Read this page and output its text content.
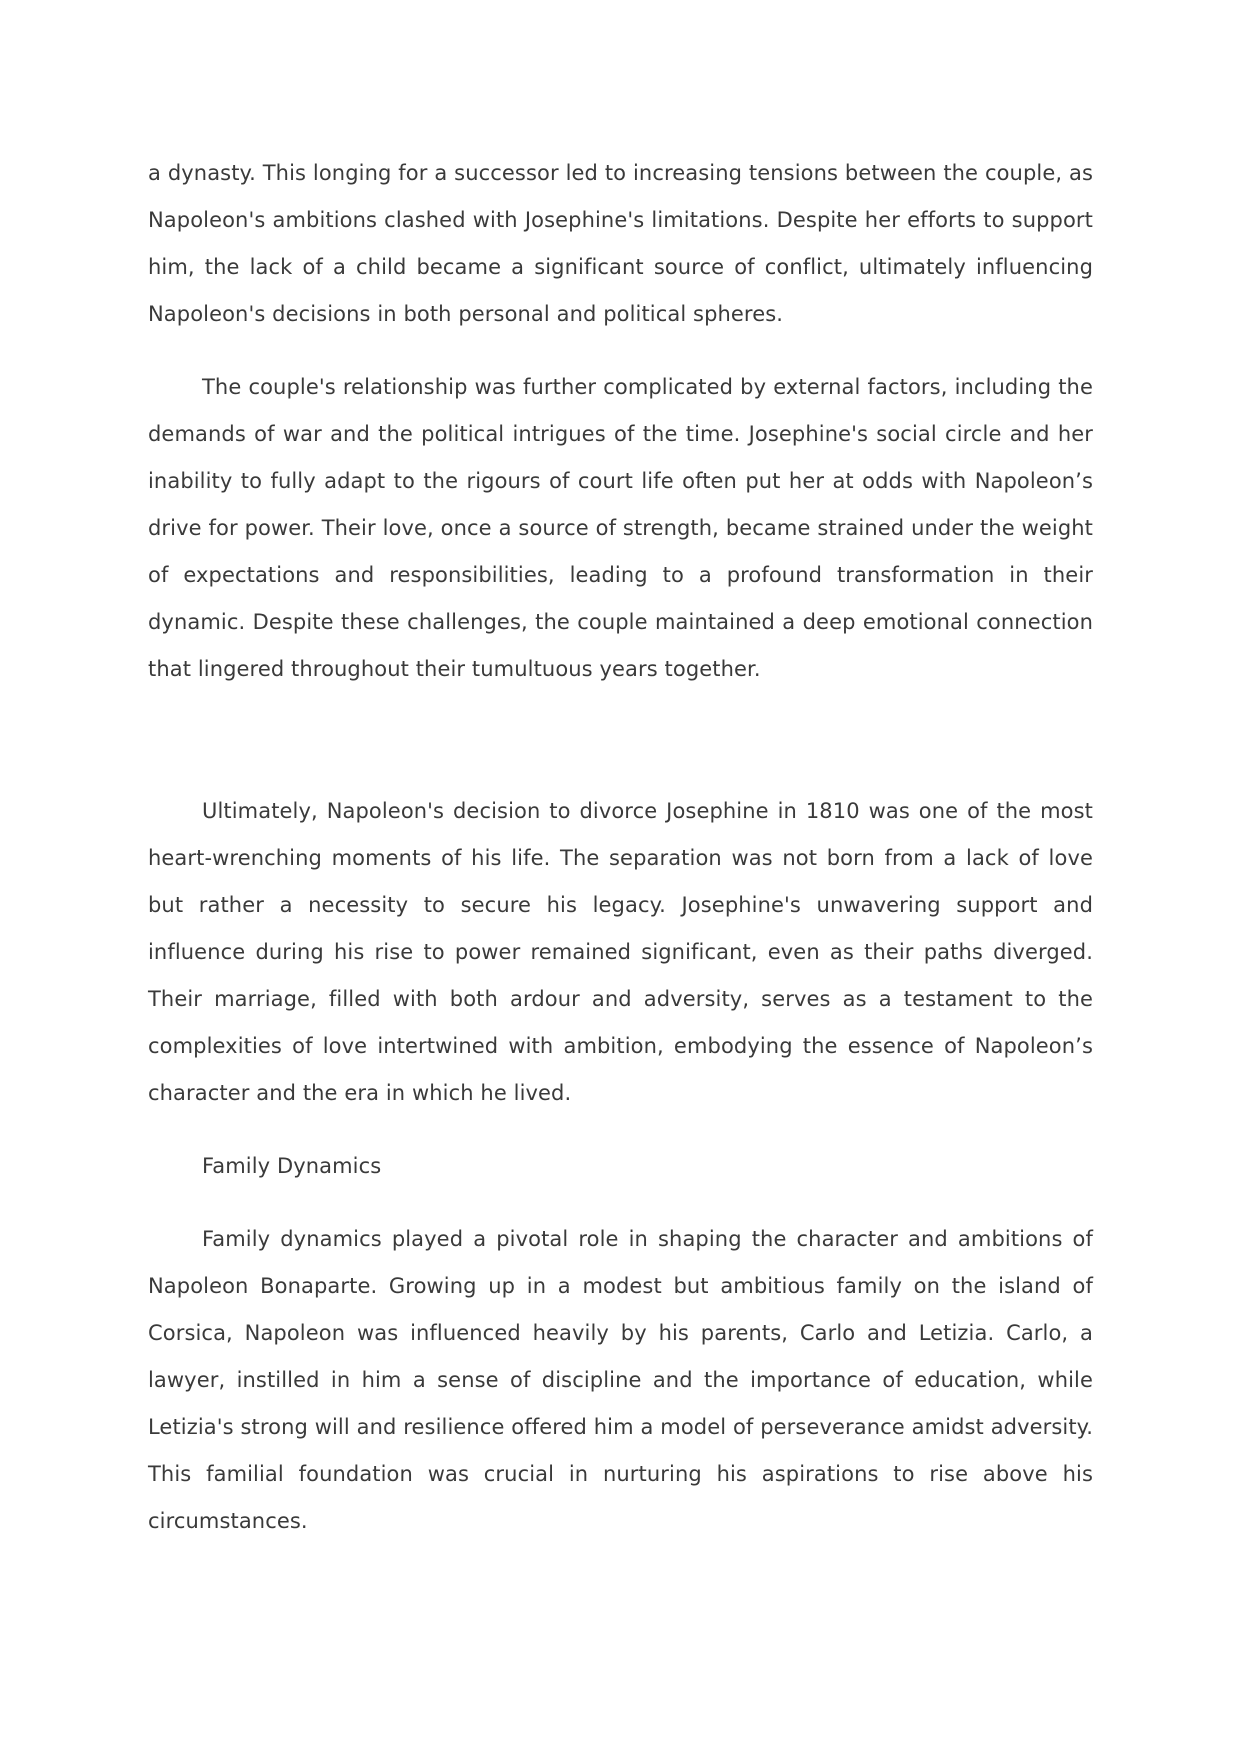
a dynasty. This longing for a successor led to increasing tensions between the couple, as Napoleon's ambitions clashed with Josephine's limitations. Despite her efforts to support him, the lack of a child became a significant source of conflict, ultimately influencing Napoleon's decisions in both personal and political spheres.

The couple's relationship was further complicated by external factors, including the demands of war and the political intrigues of the time. Josephine's social circle and her inability to fully adapt to the rigours of court life often put her at odds with Napoleon’s drive for power. Their love, once a source of strength, became strained under the weight of expectations and responsibilities, leading to a profound transformation in their dynamic. Despite these challenges, the couple maintained a deep emotional connection that lingered throughout their tumultuous years together.

Ultimately, Napoleon's decision to divorce Josephine in 1810 was one of the most heart-wrenching moments of his life. The separation was not born from a lack of love but rather a necessity to secure his legacy. Josephine's unwavering support and influence during his rise to power remained significant, even as their paths diverged. Their marriage, filled with both ardour and adversity, serves as a testament to the complexities of love intertwined with ambition, embodying the essence of Napoleon’s character and the era in which he lived.

Family Dynamics

Family dynamics played a pivotal role in shaping the character and ambitions of Napoleon Bonaparte. Growing up in a modest but ambitious family on the island of Corsica, Napoleon was influenced heavily by his parents, Carlo and Letizia. Carlo, a lawyer, instilled in him a sense of discipline and the importance of education, while Letizia's strong will and resilience offered him a model of perseverance amidst adversity. This familial foundation was crucial in nurturing his aspirations to rise above his circumstances.
